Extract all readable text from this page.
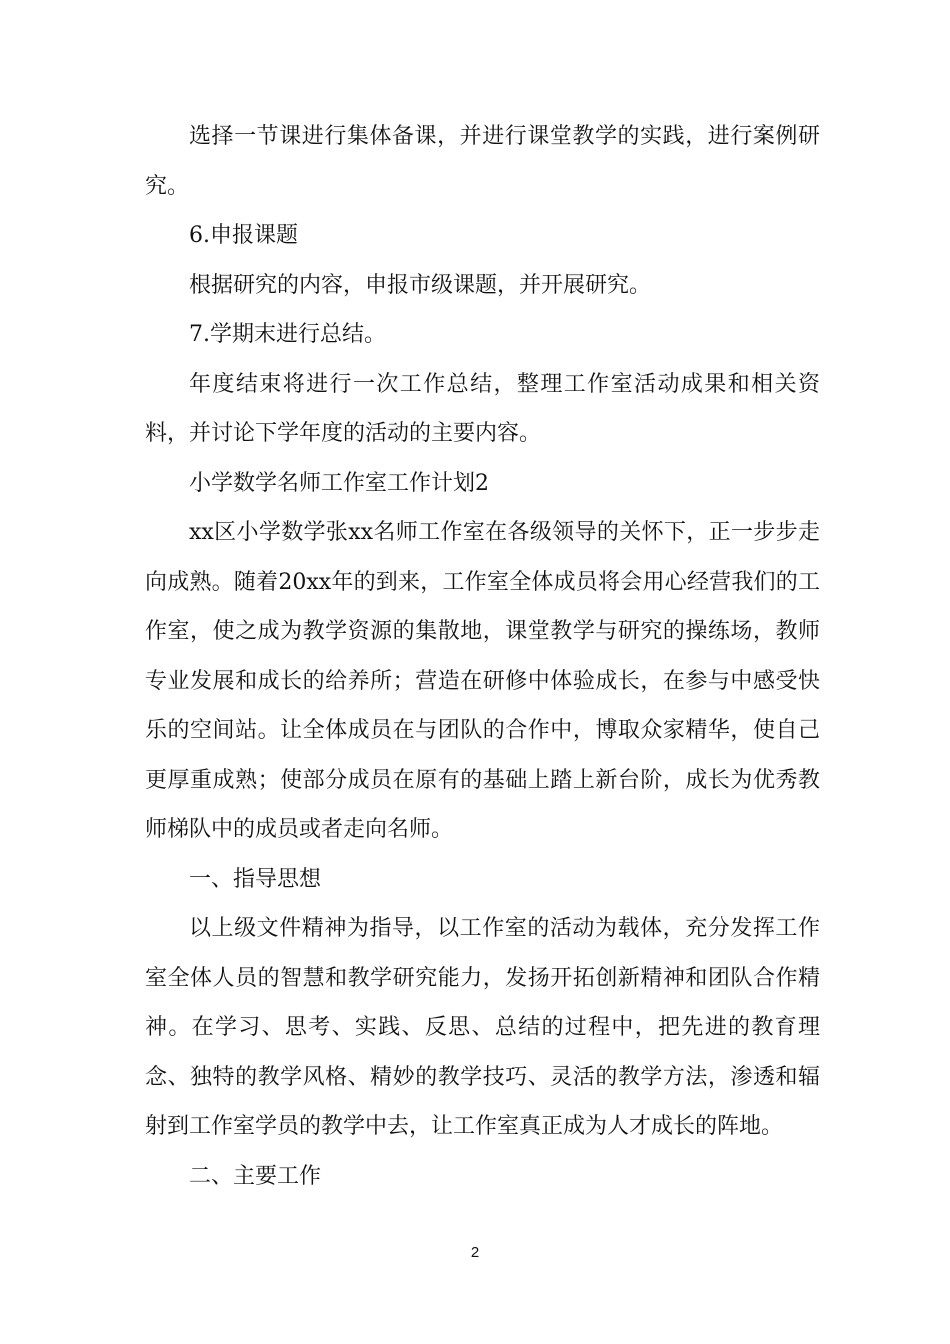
选择一节课进行集体备课，并进行课堂教学的实践，进行案例研究。

6.申报课题

根据研究的内容，申报市级课题，并开展研究。

7.学期末进行总结。

年度结束将进行一次工作总结，整理工作室活动成果和相关资料，并讨论下学年度的活动的主要内容。

小学数学名师工作室工作计划2

xx区小学数学张xx名师工作室在各级领导的关怀下，正一步步走向成熟。随着20xx年的到来，工作室全体成员将会用心经营我们的工作室，使之成为教学资源的集散地，课堂教学与研究的操练场，教师专业发展和成长的给养所；营造在研修中体验成长，在参与中感受快乐的空间站。让全体成员在与团队的合作中，博取众家精华，使自己更厚重成熟；使部分成员在原有的基础上踏上新台阶，成长为优秀教师梯队中的成员或者走向名师。

一、指导思想

以上级文件精神为指导，以工作室的活动为载体，充分发挥工作室全体人员的智慧和教学研究能力，发扬开拓创新精神和团队合作精神。在学习、思考、实践、反思、总结的过程中，把先进的教育理念、独特的教学风格、精妙的教学技巧、灵活的教学方法，渗透和辐射到工作室学员的教学中去，让工作室真正成为人才成长的阵地。

二、主要工作

2
